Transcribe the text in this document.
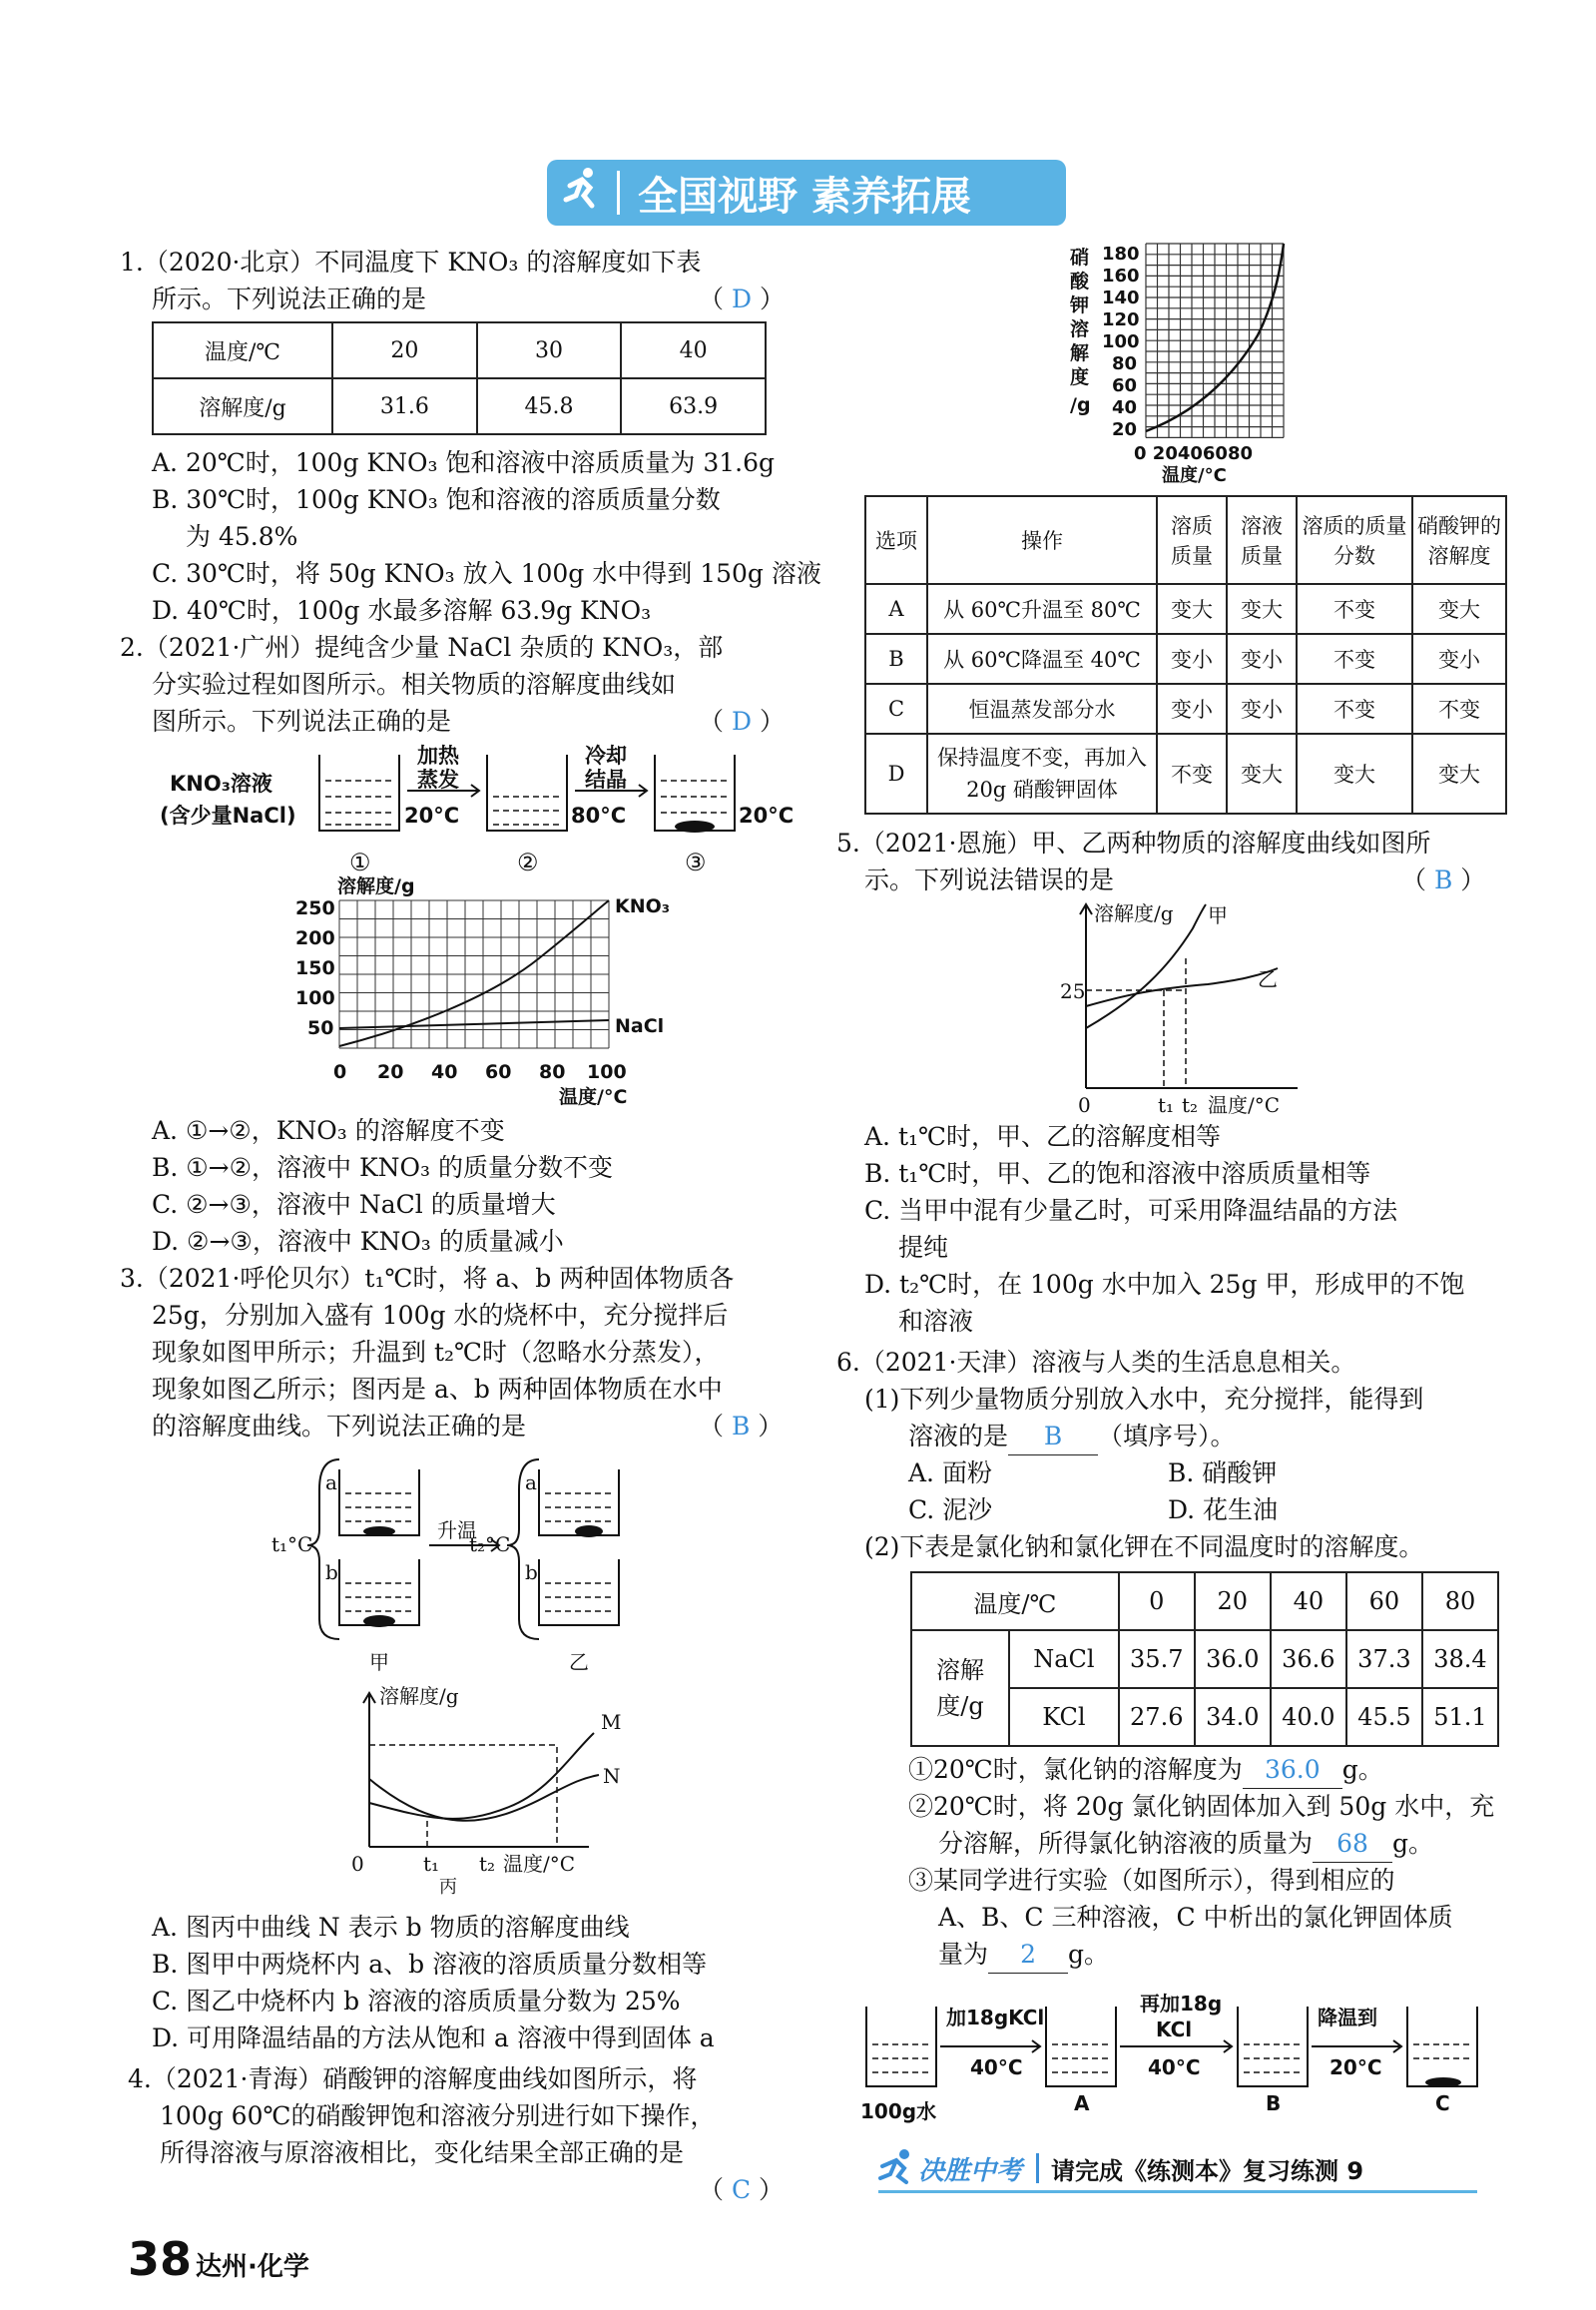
全国视野 素养拓展
1.（2020·北京）不同温度下 KNO₃ 的溶解度如下表
所示。下列说法正确的是	（ D ）
温度/℃	20	30	40
溶解度/g	31.6	45.8	63.9
A. 20℃时，100g KNO₃ 饱和溶液中溶质质量为 31.6g
B. 30℃时，100g KNO₃ 饱和溶液的溶质质量分数
为 45.8%
C. 30℃时，将 50g KNO₃ 放入 100g 水中得到 150g 溶液
D. 40℃时，100g 水最多溶解 63.9g KNO₃
2.（2021·广州）提纯含少量 NaCl 杂质的 KNO₃，部
分实验过程如图所示。相关物质的溶解度曲线如
图所示。下列说法正确的是	（ D ）
KNO₃溶液
(含少量NaCl)
加热
蒸发
20°C
冷却
结晶
80°C	20°C
①	②	③
溶解度/g
250
200
150
100
50
0 20 40 60 80 100
温度/°C
KNO₃
NaCl
A. ①→②，KNO₃ 的溶解度不变
B. ①→②，溶液中 KNO₃ 的质量分数不变
C. ②→③，溶液中 NaCl 的质量增大
D. ②→③，溶液中 KNO₃ 的质量减小
3.（2021·呼伦贝尔）t₁℃时，将 a、b 两种固体物质各
25g，分别加入盛有 100g 水的烧杯中，充分搅拌后
现象如图甲所示；升温到 t₂℃时（忽略水分蒸发），
现象如图乙所示；图丙是 a、b 两种固体物质在水中
的溶解度曲线。下列说法正确的是	（ B ）
t₁°C
a
b
升温
t₂°C
a
b
甲	乙
溶解度/g
0	t₁ t₂ 温度/°C
M
N
丙
A. 图丙中曲线 N 表示 b 物质的溶解度曲线
B. 图甲中两烧杯内 a、b 溶液的溶质质量分数相等
C. 图乙中烧杯内 b 溶液的溶质质量分数为 25%
D. 可用降温结晶的方法从饱和 a 溶液中得到固体 a
4.（2021·青海）硝酸钾的溶解度曲线如图所示，将
100g 60℃的硝酸钾饱和溶液分别进行如下操作，
所得溶液与原溶液相比，变化结果全部正确的是
（ C ）
硝
酸
钾
溶
解
度
/g
180
160
140
120
100
80
60
40
20
0 20406080
温度/°C
选项	操作	溶质质量	溶液质量	溶质的质量分数	硝酸钾的溶解度
A	从 60℃升温至 80℃	变大	变大	不变	变大
B	从 60℃降温至 40℃	变小	变小	不变	变小
C	恒温蒸发部分水	变小	变小	不变	不变
D	保持温度不变，再加入 20g 硝酸钾固体	不变	变大	变大	变大
5.（2021·恩施）甲、乙两种物质的溶解度曲线如图所
示。下列说法错误的是	（ B ）
溶解度/g 甲
乙
25
0	t₁ t₂ 温度/°C
A. t₁℃时，甲、乙的溶解度相等
B. t₁℃时，甲、乙的饱和溶液中溶质质量相等
C. 当甲中混有少量乙时，可采用降温结晶的方法
提纯
D. t₂℃时，在 100g 水中加入 25g 甲，形成甲的不饱
和溶液
6.（2021·天津）溶液与人类的生活息息相关。
(1)下列少量物质分别放入水中，充分搅拌，能得到
溶液的是 B （填序号）。
A. 面粉	B. 硝酸钾
C. 泥沙	D. 花生油
(2)下表是氯化钠和氯化钾在不同温度时的溶解度。
温度/℃		0	20	40	60	80
溶解度/g	NaCl	35.7	36.0	36.6	37.3	38.4
	KCl	27.6	34.0	40.0	45.5	51.1
①20℃时，氯化钠的溶解度为 36.0 g。
②20℃时，将 20g 氯化钠固体加入到 50g 水中，充
分溶解，所得氯化钠溶液的质量为 68 g。
③某同学进行实验（如图所示），得到相应的
A、B、C 三种溶液，C 中析出的氯化钾固体质
量为 2 g。
加18gKCl
40°C
再加18g
KCl
40°C
降温到
20°C
100g水	A	B	C
决胜中考 请完成《练测本》复习练测 9
38 达州·化学
